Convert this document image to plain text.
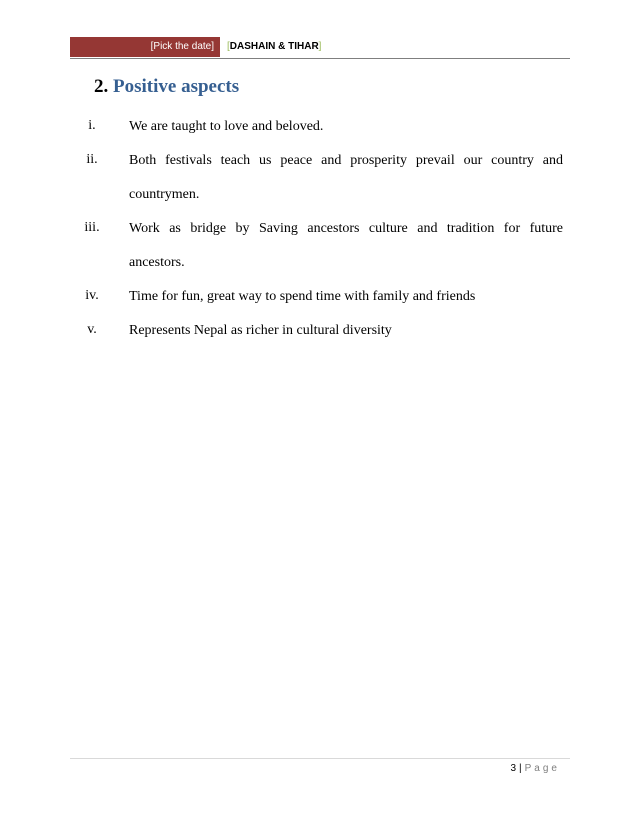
[Pick the date] [DASHAIN & TIHAR]
2. Positive aspects
i.	We are taught to love and beloved.
ii.	Both festivals teach us peace and prosperity prevail our country and
countrymen.
iii.	Work as bridge by Saving ancestors culture and tradition for future
ancestors.
iv.	Time for fun, great way to spend time with family and friends
v.	Represents Nepal as richer in cultural diversity
3 | Page
